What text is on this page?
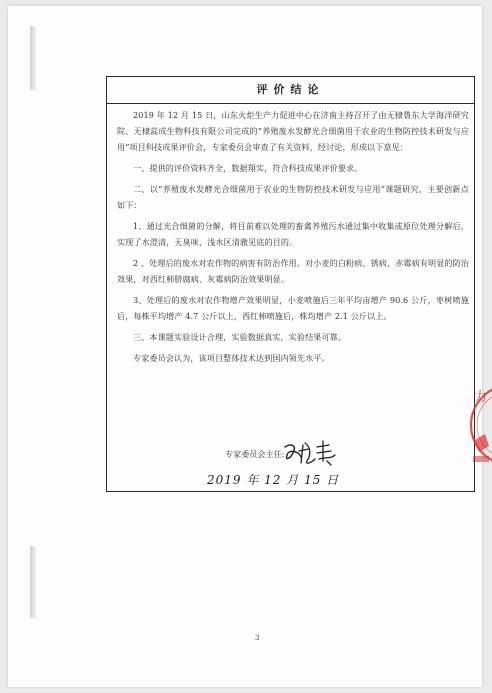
评价结论

2019 年 12 月 15 日，山东火炬生产力促进中心在济南主持召开了由无棣鲁东大学海洋研究院、无棣蕊成生物科技有限公司完成的“养殖废水发酵光合细菌用于农业的生物防控技术研发与应用”项目科技成果评价会，专家委员会审查了有关资料，经讨论，形成以下意见：

一、提供的评价资料齐全，数据翔实，符合科技成果评价要求。

二、以“养殖废水发酵光合细菌用于农业的生物防控技术研发与应用”课题研究，主要创新点如下：

1、通过光合细菌的分解，将目前难以处理的畜禽养殖污水通过集中收集或原位处理分解后，实现了水澄清，无臭味，浅水区清澈见底的目的。

2 、处理后的废水对农作物的病害有防治作用。对小麦的白粉病、锈病、赤霉病有明显的防治效果，对西红柿脐腐病、灰霉病防治效果明显。

3、处理后的废水对农作物增产效果明显，小麦喷施后三年平均亩增产 90.6 公斤，枣树喷施后，每株平均增产 4.7 公斤以上，西红柿喷施后，株均增产 2.1 公斤以上。

三、本课题实验设计合理，实验数据真实，实验结果可靠。

专家委员会认为，该项目整体技术达到国内领先水平。

专家委员会主任:
2019 年 12 月 15 日
3
力
